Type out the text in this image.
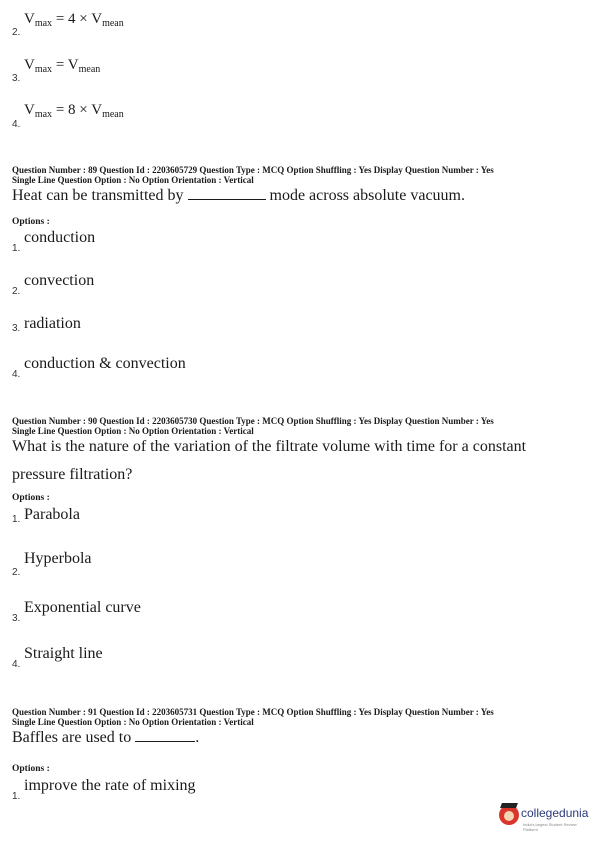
2.
$V_{max} = 4 \times V_{mean}$
3.
$V_{max} = V_{mean}$
4.
$V_{max} = 8 \times V_{mean}$
Question Number : 89 Question Id : 2203605729 Question Type : MCQ Option Shuffling : Yes Display Question Number : Yes
Single Line Question Option : No Option Orientation : Vertical
Heat can be transmitted by	mode across absolute vacuum.
Options :
1.
conduction
2.
convection
3. radiation
4.
conduction & convection
Question Number : 90 Question Id : 2203605730 Question Type : MCQ Option Shuffling : Yes Display Question Number : Yes
Single Line Question Option : No Option Orientation : Vertical
What is the nature of the variation of the filtrate volume with time for a constant
pressure filtration?
Options :
1. Parabola
2.
Hyperbola
3.
Exponential curve
4.
Straight line
Question Number : 91 Question Id : 2203605731 Question Type : MCQ Option Shuffling : Yes Display Question Number : Yes
Single Line Question Option : No Option Orientation : Vertical
Baffles are used to	.
Options :
1.
improve the rate of mixing
collegedunia
India's largest Student Review Platform
